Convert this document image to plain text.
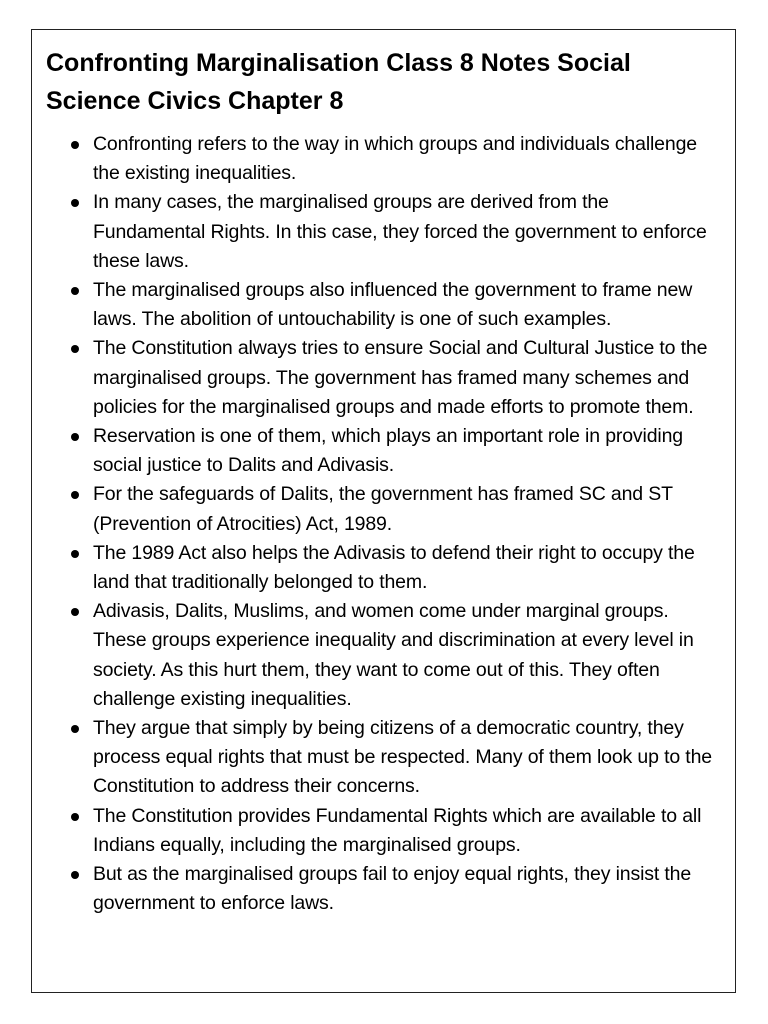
Confronting Marginalisation Class 8 Notes Social Science Civics Chapter 8
Confronting refers to the way in which groups and individuals challenge the existing inequalities.
In many cases, the marginalised groups are derived from the Fundamental Rights. In this case, they forced the government to enforce these laws.
The marginalised groups also influenced the government to frame new laws. The abolition of untouchability is one of such examples.
The Constitution always tries to ensure Social and Cultural Justice to the marginalised groups. The government has framed many schemes and policies for the marginalised groups and made efforts to promote them.
Reservation is one of them, which plays an important role in providing social justice to Dalits and Adivasis.
For the safeguards of Dalits, the government has framed SC and ST (Prevention of Atrocities) Act, 1989.
The 1989 Act also helps the Adivasis to defend their right to occupy the land that traditionally belonged to them.
Adivasis, Dalits, Muslims, and women come under marginal groups. These groups experience inequality and discrimination at every level in society. As this hurt them, they want to come out of this. They often challenge existing inequalities.
They argue that simply by being citizens of a democratic country, they process equal rights that must be respected. Many of them look up to the Constitution to address their concerns.
The Constitution provides Fundamental Rights which are available to all Indians equally, including the marginalised groups.
But as the marginalised groups fail to enjoy equal rights, they insist the government to enforce laws.
